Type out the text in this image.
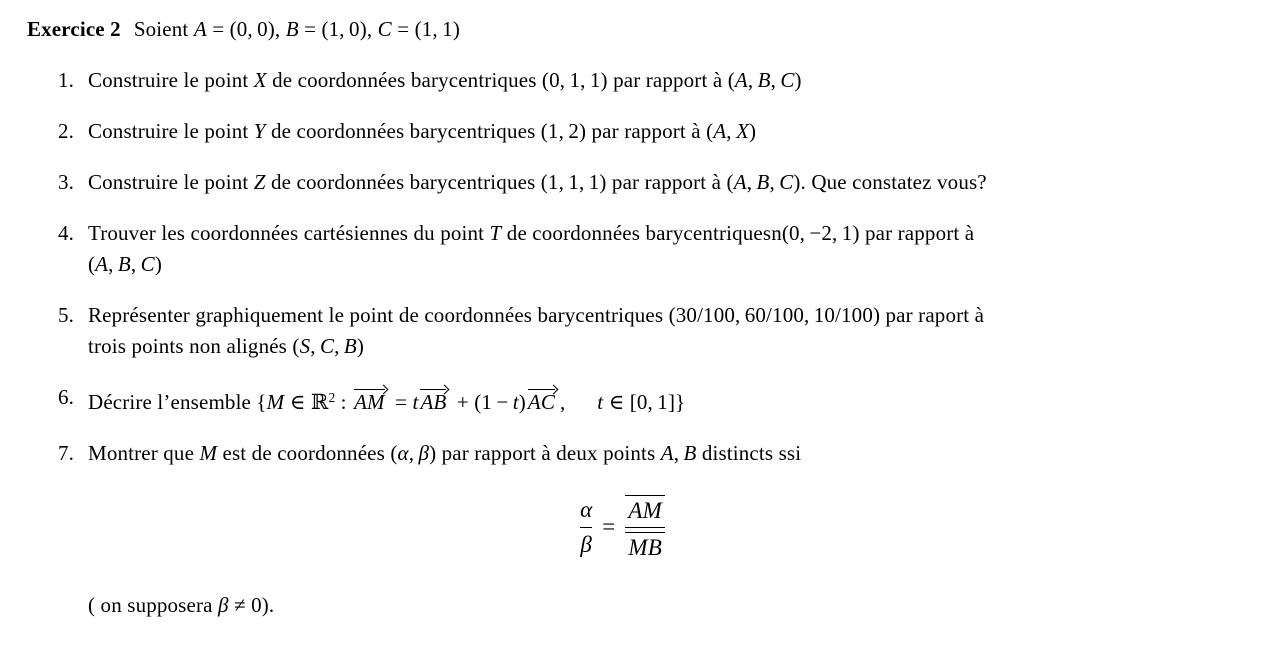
Exercice 2 Soient A = (0, 0), B = (1, 0), C = (1, 1)
1. Construire le point X de coordonnées barycentriques (0, 1, 1) par rapport à (A, B, C)
2. Construire le point Y de coordonnées barycentriques (1, 2) par rapport à (A, X)
3. Construire le point Z de coordonnées barycentriques (1, 1, 1) par rapport à (A, B, C). Que constatez vous?
4. Trouver les coordonnées cartésiennes du point T de coordonnées barycentriquesn(0, −2, 1) par rapport à
(A, B, C)
5. Représenter graphiquement le point de coordonnées barycentriques (30/100, 60/100, 10/100) par raport à
trois points non alignés (S, C, B)
6. Décrire l’ensemble {M ∈ ℝ$^2$ :
AM = t
AB + (1 − t)
AC ,  t ∈ [0, 1]}
7. Montrer que M est de coordonnées (α, β) par rapport à deux points A, B distincts ssi
$\frac{\alpha}{\beta} = \frac{AM}{MB}$
( on supposera β ≠ 0).
